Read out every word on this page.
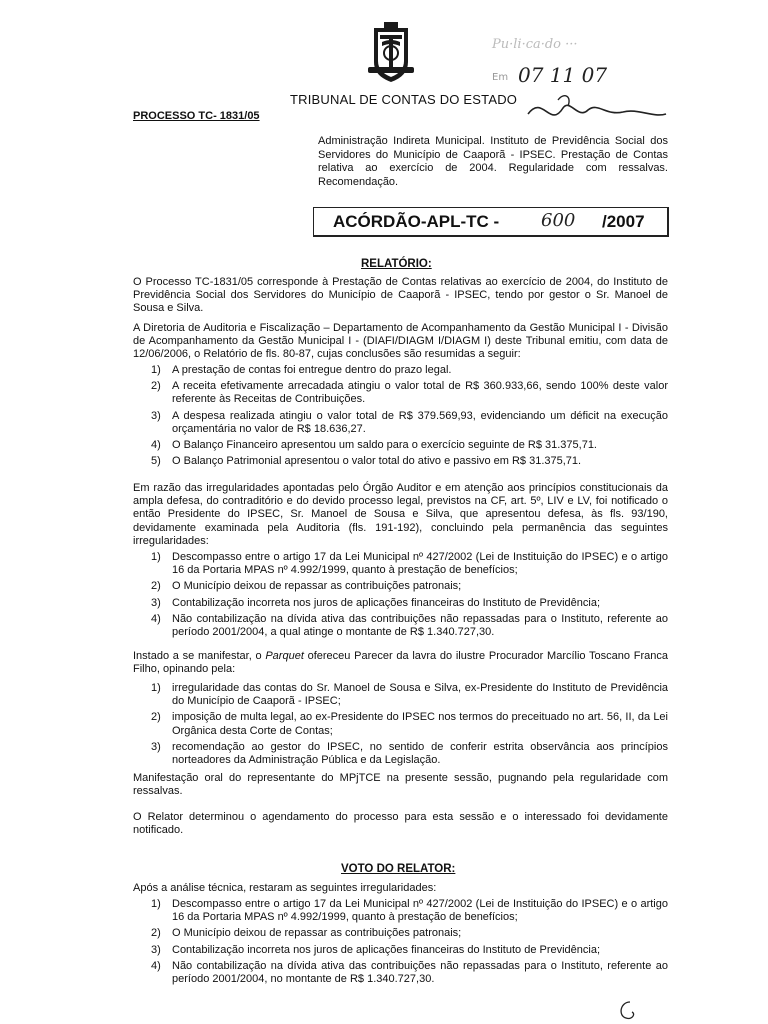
TRIBUNAL DE CONTAS DO ESTADO
PROCESSO TC- 1831/05
Pu·li·ca·do ···
Em 07 11 07
Administração Indireta Municipal. Instituto de Previdência Social dos Servidores do Município de Caaporã - IPSEC. Prestação de Contas relativa ao exercício de 2004. Regularidade com ressalvas. Recomendação.
ACÓRDÃO-APL-TC - 600 /2007
RELATÓRIO:
O Processo TC-1831/05 corresponde à Prestação de Contas relativas ao exercício de 2004, do Instituto de Previdência Social dos Servidores do Município de Caaporã - IPSEC, tendo por gestor o Sr. Manoel de Sousa e Silva.
A Diretoria de Auditoria e Fiscalização – Departamento de Acompanhamento da Gestão Municipal I - Divisão de Acompanhamento da Gestão Municipal I - (DIAFI/DIAGM I/DIAGM I) deste Tribunal emitiu, com data de 12/06/2006, o Relatório de fls. 80-87, cujas conclusões são resumidas a seguir:
1) A prestação de contas foi entregue dentro do prazo legal.
2) A receita efetivamente arrecadada atingiu o valor total de R$ 360.933,66, sendo 100% deste valor referente às Receitas de Contribuições.
3) A despesa realizada atingiu o valor total de R$ 379.569,93, evidenciando um déficit na execução orçamentária no valor de R$ 18.636,27.
4) O Balanço Financeiro apresentou um saldo para o exercício seguinte de R$ 31.375,71.
5) O Balanço Patrimonial apresentou o valor total do ativo e passivo em R$ 31.375,71.
Em razão das irregularidades apontadas pelo Órgão Auditor e em atenção aos princípios constitucionais da ampla defesa, do contraditório e do devido processo legal, previstos na CF, art. 5º, LIV e LV, foi notificado o então Presidente do IPSEC, Sr. Manoel de Sousa e Silva, que apresentou defesa, às fls. 93/190, devidamente examinada pela Auditoria (fls. 191-192), concluindo pela permanência das seguintes irregularidades:
1) Descompasso entre o artigo 17 da Lei Municipal nº 427/2002 (Lei de Instituição do IPSEC) e o artigo 16 da Portaria MPAS nº 4.992/1999, quanto à prestação de benefícios;
2) O Município deixou de repassar as contribuições patronais;
3) Contabilização incorreta nos juros de aplicações financeiras do Instituto de Previdência;
4) Não contabilização na dívida ativa das contribuições não repassadas para o Instituto, referente ao período 2001/2004, a qual atinge o montante de R$ 1.340.727,30.
Instado a se manifestar, o Parquet ofereceu Parecer da lavra do ilustre Procurador Marcílio Toscano Franca Filho, opinando pela:
1) irregularidade das contas do Sr. Manoel de Sousa e Silva, ex-Presidente do Instituto de Previdência do Município de Caaporã - IPSEC;
2) imposição de multa legal, ao ex-Presidente do IPSEC nos termos do preceituado no art. 56, II, da Lei Orgânica desta Corte de Contas;
3) recomendação ao gestor do IPSEC, no sentido de conferir estrita observância aos princípios norteadores da Administração Pública e da Legislação.
Manifestação oral do representante do MPjTCE na presente sessão, pugnando pela regularidade com ressalvas.
O Relator determinou o agendamento do processo para esta sessão e o interessado foi devidamente notificado.
VOTO DO RELATOR:
Após a análise técnica, restaram as seguintes irregularidades:
1) Descompasso entre o artigo 17 da Lei Municipal nº 427/2002 (Lei de Instituição do IPSEC) e o artigo 16 da Portaria MPAS nº 4.992/1999, quanto à prestação de benefícios;
2) O Município deixou de repassar as contribuições patronais;
3) Contabilização incorreta nos juros de aplicações financeiras do Instituto de Previdência;
4) Não contabilização na dívida ativa das contribuições não repassadas para o Instituto, referente ao período 2001/2004, no montante de R$ 1.340.727,30.
